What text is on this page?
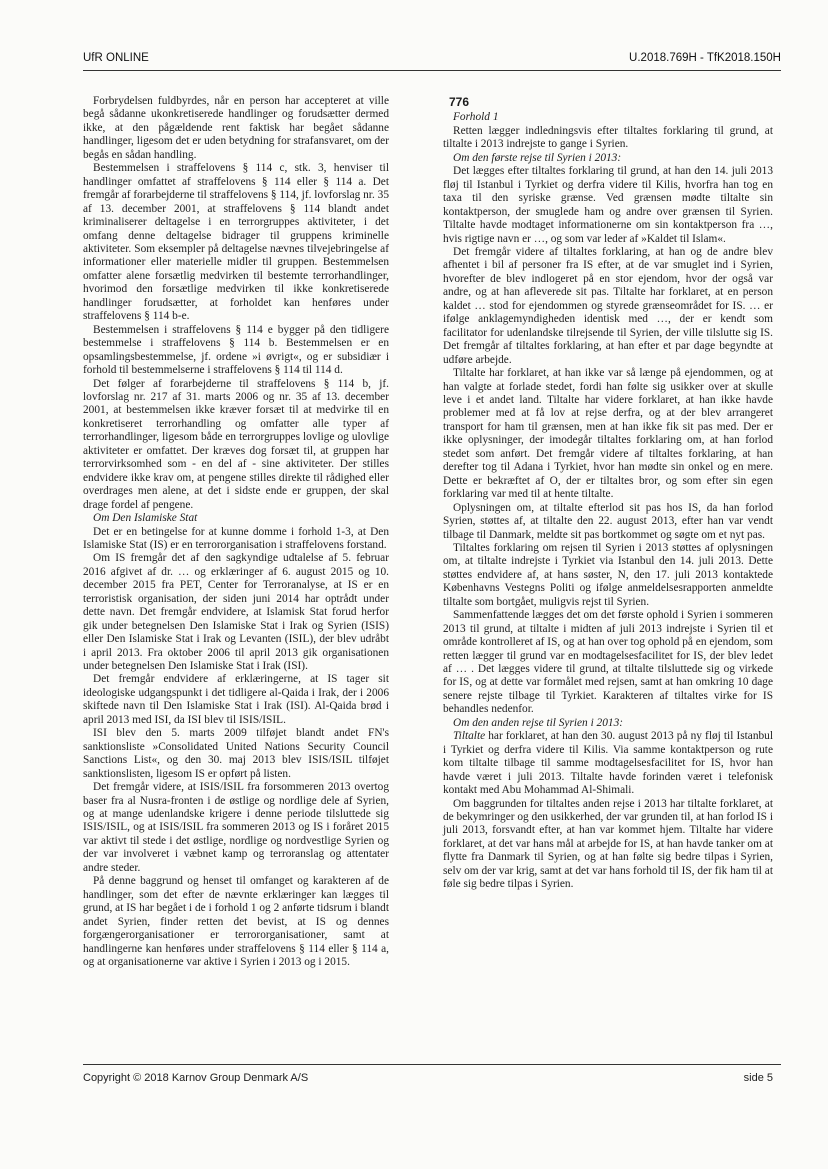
UfR ONLINE	U.2018.769H - TfK2018.150H

Forbrydelsen fuldbyrdes, når en person har accepteret at ville begå sådanne ukonkretiserede handlinger og forudsætter dermed ikke, at den pågældende rent faktisk har begået sådanne handlinger, ligesom det er uden betydning for strafansvaret, om der begås en sådan handling.

Bestemmelsen i straffelovens § 114 c, stk. 3, henviser til handlinger omfattet af straffelovens § 114 eller § 114 a. Det fremgår af forarbejderne til straffelovens § 114, jf. lovforslag nr. 35 af 13. december 2001, at straffelovens § 114 blandt andet kriminaliserer deltagelse i en terrorgruppes aktiviteter, i det omfang denne deltagelse bidrager til gruppens kriminelle aktiviteter. Som eksempler på deltagelse nævnes tilvejebringelse af informationer eller materielle midler til gruppen. Bestemmelsen omfatter alene forsætlig medvirken til bestemte terrorhandlinger, hvorimod den forsætlige medvirken til ikke konkretiserede handlinger forudsætter, at forholdet kan henføres under straffelovens § 114 b-e.

Bestemmelsen i straffelovens § 114 e bygger på den tidligere bestemmelse i straffelovens § 114 b. Bestemmelsen er en opsamlingsbestemmelse, jf. ordene »i øvrigt«, og er subsidiær i forhold til bestemmelserne i straffelovens § 114 til 114 d.

Det følger af forarbejderne til straffelovens § 114 b, jf. lovforslag nr. 217 af 31. marts 2006 og nr. 35 af 13. december 2001, at bestemmelsen ikke kræver forsæt til at medvirke til en konkretiseret terrorhandling og omfatter alle typer af terrorhandlinger, ligesom både en terrorgruppes lovlige og ulovlige aktiviteter er omfattet. Der kræves dog forsæt til, at gruppen har terrorvirksomhed som - en del af - sine aktiviteter. Der stilles endvidere ikke krav om, at pengene stilles direkte til rådighed eller overdrages men alene, at det i sidste ende er gruppen, der skal drage fordel af pengene.

Om Den Islamiske Stat

Det er en betingelse for at kunne domme i forhold 1-3, at Den Islamiske Stat (IS) er en terrororganisation i straffelovens forstand.

Om IS fremgår det af den sagkyndige udtalelse af 5. februar 2016 afgivet af dr. … og erklæringer af 6. august 2015 og 10. december 2015 fra PET, Center for Terroranalyse, at IS er en terroristisk organisation, der siden juni 2014 har optrådt under dette navn. Det fremgår endvidere, at Islamisk Stat forud herfor gik under betegnelsen Den Islamiske Stat i Irak og Syrien (ISIS) eller Den Islamiske Stat i Irak og Levanten (ISIL), der blev udråbt i april 2013. Fra oktober 2006 til april 2013 gik organisationen under betegnelsen Den Islamiske Stat i Irak (ISI).

Det fremgår endvidere af erklæringerne, at IS tager sit ideologiske udgangspunkt i det tidligere al-Qaida i Irak, der i 2006 skiftede navn til Den Islamiske Stat i Irak (ISI). Al-Qaida brød i april 2013 med ISI, da ISI blev til ISIS/ISIL.

ISI blev den 5. marts 2009 tilføjet blandt andet FN's sanktionsliste »Consolidated United Nations Security Council Sanctions List«, og den 30. maj 2013 blev ISIS/ISIL tilføjet sanktionslisten, ligesom IS er opført på listen.

Det fremgår videre, at ISIS/ISIL fra forsommeren 2013 overtog baser fra al Nusra-fronten i de østlige og nordlige dele af Syrien, og at mange udenlandske krigere i denne periode tilsluttede sig ISIS/ISIL, og at ISIS/ISIL fra sommeren 2013 og IS i foråret 2015 var aktivt til stede i det østlige, nordlige og nordvestlige Syrien og der var involveret i væbnet kamp og terroranslag og attentater andre steder.

På denne baggrund og henset til omfanget og karakteren af de handlinger, som det efter de nævnte erklæringer kan lægges til grund, at IS har begået i de i forhold 1 og 2 anførte tidsrum i blandt andet Syrien, finder retten det bevist, at IS og dennes forgængerorganisationer er terrororganisationer, samt at handlingerne kan henføres under straffelovens § 114 eller § 114 a, og at organisationerne var aktive i Syrien i 2013 og i 2015.

776

Forhold 1

Retten lægger indledningsvis efter tiltaltes forklaring til grund, at tiltalte i 2013 indrejste to gange i Syrien.

Om den første rejse til Syrien i 2013:

Det lægges efter tiltaltes forklaring til grund, at han den 14. juli 2013 fløj til Istanbul i Tyrkiet og derfra videre til Kilis, hvorfra han tog en taxa til den syriske grænse. Ved grænsen mødte tiltalte sin kontaktperson, der smuglede ham og andre over grænsen til Syrien. Tiltalte havde modtaget informationerne om sin kontaktperson fra …, hvis rigtige navn er …, og som var leder af »Kaldet til Islam«.

Det fremgår videre af tiltaltes forklaring, at han og de andre blev afhentet i bil af personer fra IS efter, at de var smuglet ind i Syrien, hvorefter de blev indlogeret på en stor ejendom, hvor der også var andre, og at han afleverede sit pas. Tiltalte har forklaret, at en person kaldet … stod for ejendommen og styrede grænseområdet for IS. … er ifølge anklagemyndigheden identisk med …, der er kendt som facilitator for udenlandske tilrejsende til Syrien, der ville tilslutte sig IS. Det fremgår af tiltaltes forklaring, at han efter et par dage begyndte at udføre arbejde.

Tiltalte har forklaret, at han ikke var så længe på ejendommen, og at han valgte at forlade stedet, fordi han følte sig usikker over at skulle leve i et andet land. Tiltalte har videre forklaret, at han ikke havde problemer med at få lov at rejse derfra, og at der blev arrangeret transport for ham til grænsen, men at han ikke fik sit pas med. Der er ikke oplysninger, der imodegår tiltaltes forklaring om, at han forlod stedet som anført. Det fremgår videre af tiltaltes forklaring, at han derefter tog til Adana i Tyrkiet, hvor han mødte sin onkel og en mere. Dette er bekræftet af O, der er tiltaltes bror, og som efter sin egen forklaring var med til at hente tiltalte.

Oplysningen om, at tiltalte efterlod sit pas hos IS, da han forlod Syrien, støttes af, at tiltalte den 22. august 2013, efter han var vendt tilbage til Danmark, meldte sit pas bortkommet og søgte om et nyt pas.

Tiltaltes forklaring om rejsen til Syrien i 2013 støttes af oplysningen om, at tiltalte indrejste i Tyrkiet via Istanbul den 14. juli 2013. Dette støttes endvidere af, at hans søster, N, den 17. juli 2013 kontaktede Københavns Vestegns Politi og ifølge anmeldelsesrapporten anmeldte tiltalte som bortgået, muligvis rejst til Syrien.

Sammenfattende lægges det om det første ophold i Syrien i sommeren 2013 til grund, at tiltalte i midten af juli 2013 indrejste i Syrien til et område kontrolleret af IS, og at han over tog ophold på en ejendom, som retten lægger til grund var en modtagelsesfacilitet for IS, der blev ledet af … . Det lægges videre til grund, at tiltalte tilsluttede sig og virkede for IS, og at dette var formålet med rejsen, samt at han omkring 10 dage senere rejste tilbage til Tyrkiet. Karakteren af tiltaltes virke for IS behandles nedenfor.

Om den anden rejse til Syrien i 2013:

Tiltalte har forklaret, at han den 30. august 2013 på ny fløj til Istanbul i Tyrkiet og derfra videre til Kilis. Via samme kontaktperson og rute kom tiltalte tilbage til samme modtagelsesfacilitet for IS, hvor han havde været i juli 2013. Tiltalte havde forinden været i telefonisk kontakt med Abu Mohammad Al-Shimali.

Om baggrunden for tiltaltes anden rejse i 2013 har tiltalte forklaret, at de bekymringer og den usikkerhed, der var grunden til, at han forlod IS i juli 2013, forsvandt efter, at han var kommet hjem. Tiltalte har videre forklaret, at det var hans mål at arbejde for IS, at han havde tanker om at flytte fra Danmark til Syrien, og at han følte sig bedre tilpas i Syrien, selv om der var krig, samt at det var hans forhold til IS, der fik ham til at føle sig bedre tilpas i Syrien.

Copyright © 2018 Karnov Group Denmark A/S	side 5
